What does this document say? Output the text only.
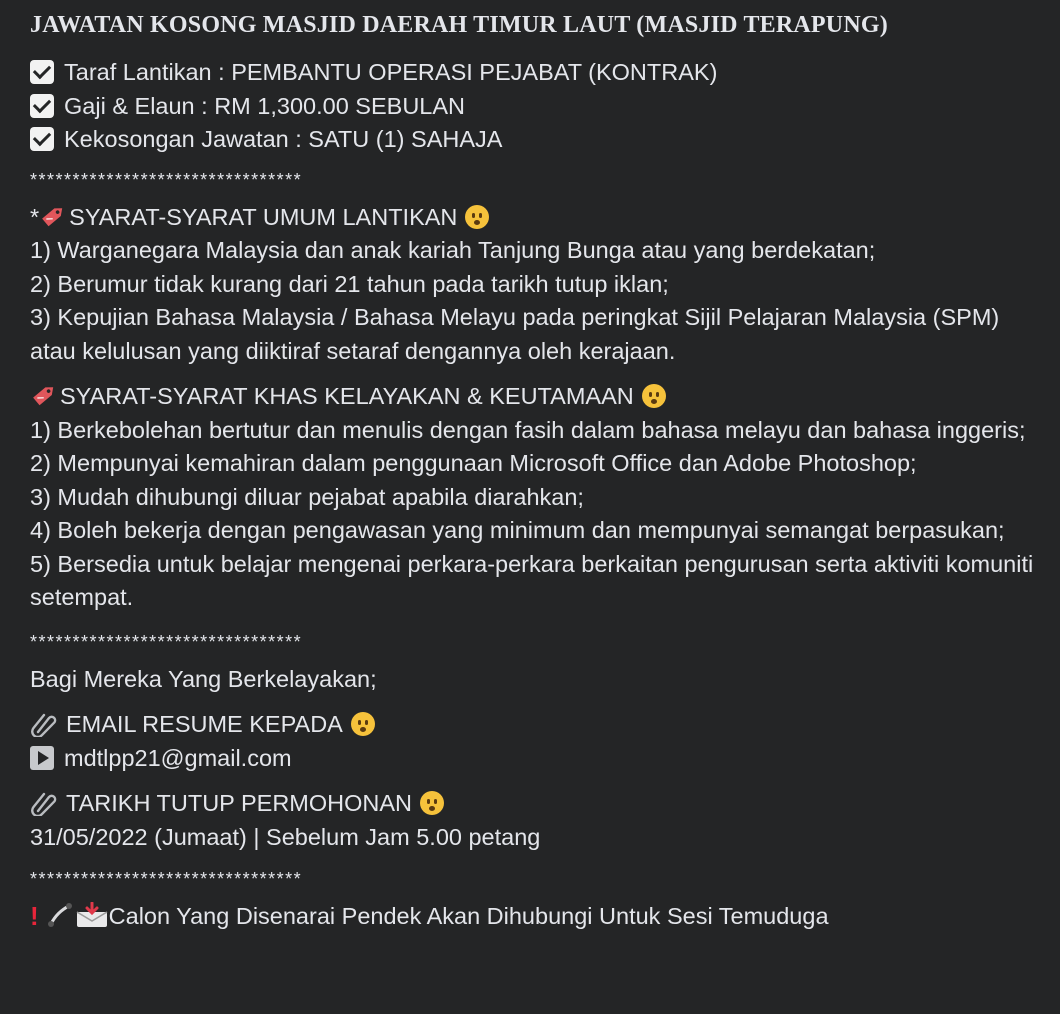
JAWATAN KOSONG MASJID DAERAH TIMUR LAUT (MASJID TERAPUNG)
Taraf Lantikan : PEMBANTU OPERASI PEJABAT (KONTRAK)
Gaji & Elaun : RM 1,300.00 SEBULAN
Kekosongan Jawatan : SATU (1) SAHAJA
********************************
* SYARAT-SYARAT UMUM LANTIKAN
1) Warganegara Malaysia dan anak kariah Tanjung Bunga atau yang berdekatan;
2) Berumur tidak kurang dari 21 tahun pada tarikh tutup iklan;
3) Kepujian Bahasa Malaysia / Bahasa Melayu pada peringkat Sijil Pelajaran Malaysia (SPM) atau kelulusan yang diiktiraf setaraf dengannya oleh kerajaan.
SYARAT-SYARAT KHAS KELAYAKAN & KEUTAMAAN
1) Berkebolehan bertutur dan menulis dengan fasih dalam bahasa melayu dan bahasa inggeris;
2) Mempunyai kemahiran dalam penggunaan Microsoft Office dan Adobe Photoshop;
3) Mudah dihubungi diluar pejabat apabila diarahkan;
4) Boleh bekerja dengan pengawasan yang minimum dan mempunyai semangat berpasukan;
5) Bersedia untuk belajar mengenai perkara-perkara berkaitan pengurusan serta aktiviti komuniti setempat.
********************************
Bagi Mereka Yang Berkelayakan;
EMAIL RESUME KEPADA
mdtlpp21@gmail.com
TARIKH TUTUP PERMOHONAN
31/05/2022 (Jumaat) | Sebelum Jam 5.00 petang
********************************
!	Calon Yang Disenarai Pendek Akan Dihubungi Untuk Sesi Temuduga
